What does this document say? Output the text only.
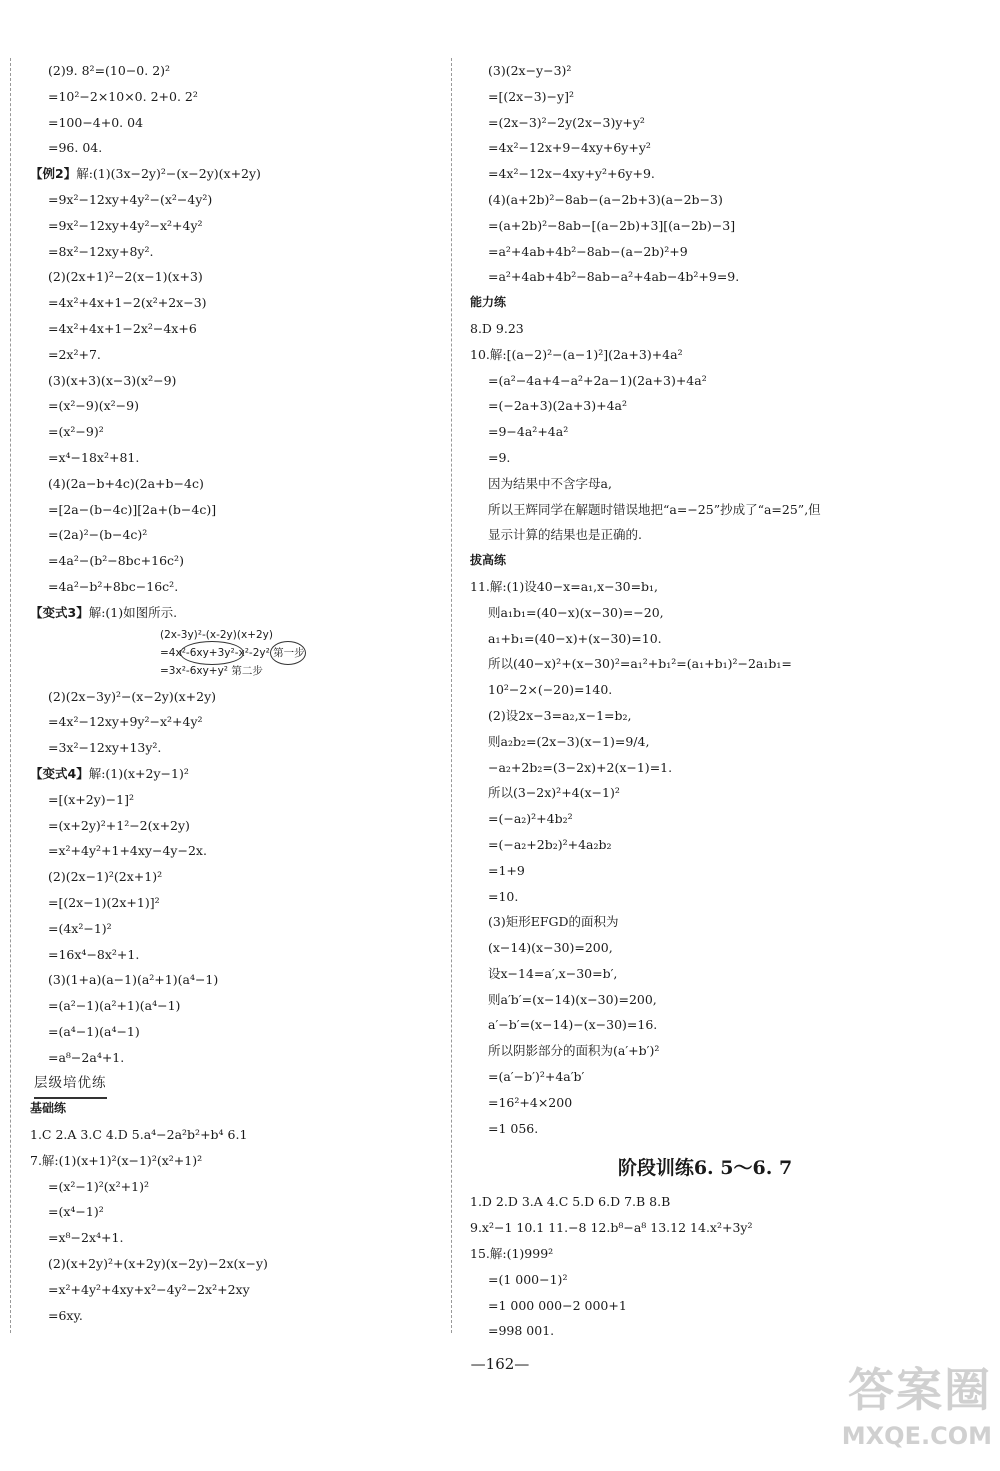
(2)9. 8²=(10−0. 2)²
=10²−2×10×0. 2+0. 2²
=100−4+0. 04
=96. 04.
【例2】解:(1)(3x−2y)²−(x−2y)(x+2y)
=9x²−12xy+4y²−(x²−4y²)
=9x²−12xy+4y²−x²+4y²
=8x²−12xy+8y².
(2)(2x+1)²−2(x−1)(x+3)
=4x²+4x+1−2(x²+2x−3)
=4x²+4x+1−2x²−4x+6
=2x²+7.
(3)(x+3)(x−3)(x²−9)
=(x²−9)(x²−9)
=(x²−9)²
=x⁴−18x²+81.
(4)(2a−b+4c)(2a+b−4c)
=[2a−(b−4c)][2a+(b−4c)]
=(2a)²−(b−4c)²
=4a²−(b²−8bc+16c²)
=4a²−b²+8bc−16c².
【变式3】解:(1)如图所示.
(2x-3y)²-(x-2y)(x+2y)
=4x²-6xy+3y²-x²-2y² 第一步
=3x²-6xy+y² 第二步
(2)(2x−3y)²−(x−2y)(x+2y)
=4x²−12xy+9y²−x²+4y²
=3x²−12xy+13y².
【变式4】解:(1)(x+2y−1)²
=[(x+2y)−1]²
=(x+2y)²+1²−2(x+2y)
=x²+4y²+1+4xy−4y−2x.
(2)(2x−1)²(2x+1)²
=[(2x−1)(2x+1)]²
=(4x²−1)²
=16x⁴−8x²+1.
(3)(1+a)(a−1)(a²+1)(a⁴−1)
=(a²−1)(a²+1)(a⁴−1)
=(a⁴−1)(a⁴−1)
=a⁸−2a⁴+1.
层级培优练
基础练
1.C 2.A 3.C 4.D 5.a⁴−2a²b²+b⁴ 6.1
7.解:(1)(x+1)²(x−1)²(x²+1)²
=(x²−1)²(x²+1)²
=(x⁴−1)²
=x⁸−2x⁴+1.
(2)(x+2y)²+(x+2y)(x−2y)−2x(x−y)
=x²+4y²+4xy+x²−4y²−2x²+2xy
=6xy.
(3)(2x−y−3)²
=[(2x−3)−y]²
=(2x−3)²−2y(2x−3)y+y²
=4x²−12x+9−4xy+6y+y²
=4x²−12x−4xy+y²+6y+9.
(4)(a+2b)²−8ab−(a−2b+3)(a−2b−3)
=(a+2b)²−8ab−[(a−2b)+3][(a−2b)−3]
=a²+4ab+4b²−8ab−(a−2b)²+9
=a²+4ab+4b²−8ab−a²+4ab−4b²+9=9.
能力练
8.D 9.23
10.解:[(a−2)²−(a−1)²](2a+3)+4a²
=(a²−4a+4−a²+2a−1)(2a+3)+4a²
=(−2a+3)(2a+3)+4a²
=9−4a²+4a²
=9.
因为结果中不含字母a,
所以王辉同学在解题时错误地把“a=−25”抄成了“a=25”,但
显示计算的结果也是正确的.
拔高练
11.解:(1)设40−x=a₁,x−30=b₁,
则a₁b₁=(40−x)(x−30)=−20,
a₁+b₁=(40−x)+(x−30)=10.
所以(40−x)²+(x−30)²=a₁²+b₁²=(a₁+b₁)²−2a₁b₁=
10²−2×(−20)=140.
(2)设2x−3=a₂,x−1=b₂,
则a₂b₂=(2x−3)(x−1)=9/4,
−a₂+2b₂=(3−2x)+2(x−1)=1.
所以(3−2x)²+4(x−1)²
=(−a₂)²+4b₂²
=(−a₂+2b₂)²+4a₂b₂
=1+9
=10.
(3)矩形EFGD的面积为
(x−14)(x−30)=200,
设x−14=a′,x−30=b′,
则a′b′=(x−14)(x−30)=200,
a′−b′=(x−14)−(x−30)=16.
所以阴影部分的面积为(a′+b′)²
=(a′−b′)²+4a′b′
=16²+4×200
=1 056.
阶段训练6. 5～6. 7
1.D 2.D 3.A 4.C 5.D 6.D 7.B 8.B
9.x²−1 10.1 11.−8 12.b⁸−a⁸ 13.12 14.x²+3y²
15.解:(1)999²
=(1 000−1)²
=1 000 000−2 000+1
=998 001.
—162—	答案圈
MXQE.COM
